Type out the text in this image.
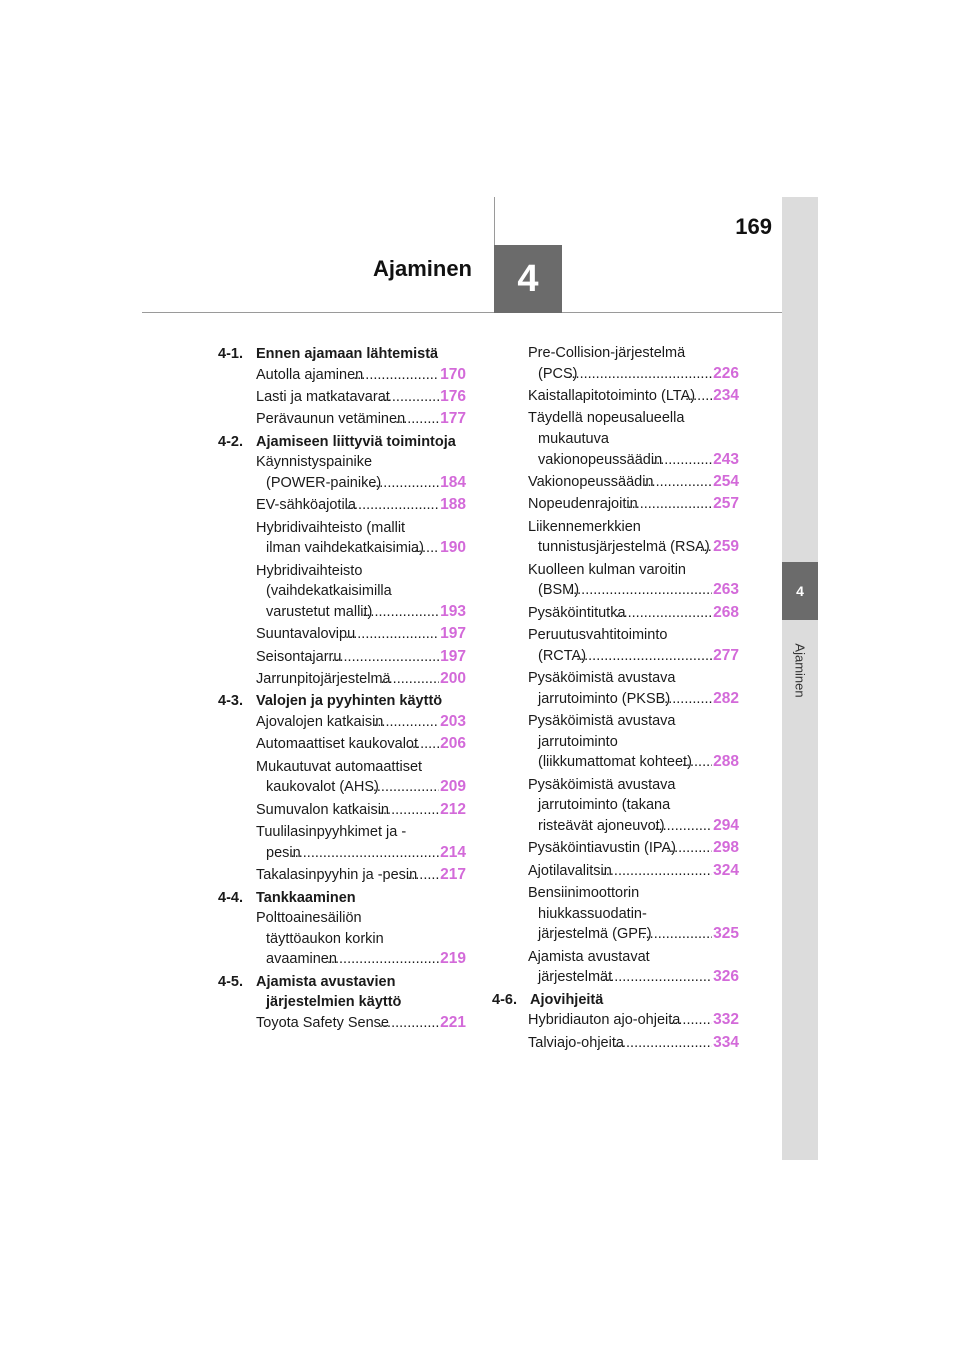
4
Ajaminen
4
169
Ajaminen
4-1. Ennen ajamaan lähtemistä
Autolla ajaminen .....	170
Lasti ja matkatavarat .....	176
Perävaunun vetäminen .....	177
4-2. Ajamiseen liittyviä toimintoja
Käynnistyspainike (POWER-painike) .....	184
EV-sähköajotila .....	188
Hybridivaihteisto (mallit ilman vaihdekatkaisimia) .....	190
Hybridivaihteisto (vaihdekatkaisimilla varustetut mallit) .....	193
Suuntavalovipu .....	197
Seisontajarru .....	197
Jarrunpitojärjestelmä .....	200
4-3. Valojen ja pyyhinten käyttö
Ajovalojen katkaisin .....	203
Automaattiset kaukovalot .....	206
Mukautuvat automaattiset kaukovalot (AHS) .....	209
Sumuvalon katkaisin .....	212
Tuulilasinpyyhkimet ja -pesin .....	214
Takalasinpyyhin ja -pesin .....	217
4-4. Tankkaaminen
Polttoainesäiliön täyttöaukon korkin avaaminen .....	219
4-5. Ajamista avustavien järjestelmien käyttö
Toyota Safety Sense .....	221
Pre-Collision-järjestelmä (PCS) .....	226
Kaistallapitotoiminto (LTA) .....	234
Täydellä nopeusalueella mukautuva vakionopeussäädin .....	243
Vakionopeussäädin .....	254
Nopeudenrajoitin .....	257
Liikennemerkkien tunnistusjärjestelmä (RSA) ..... 259
Kuolleen kulman varoitin (BSM) .....	263
Pysäköintitutka .....	268
Peruutusvahtitoiminto (RCTA) .....	277
Pysäköimistä avustava jarrutoiminto (PKSB) .....	282
Pysäköimistä avustava jarrutoiminto (liikkumattomat kohteet) .....	288
Pysäköimistä avustava jarrutoiminto (takana risteävät ajoneuvot) .....	294
Pysäköintiavustin (IPA) .....	298
Ajotilavalitsin .....	324
Bensiinimoottorin hiukkassuodatin-järjestelmä (GPF) .....	325
Ajamista avustavat järjestelmät .....	326
4-6. Ajovihjeitä
Hybridiauton ajo-ohjeita .....	332
Talviajo-ohjeita .....	334
